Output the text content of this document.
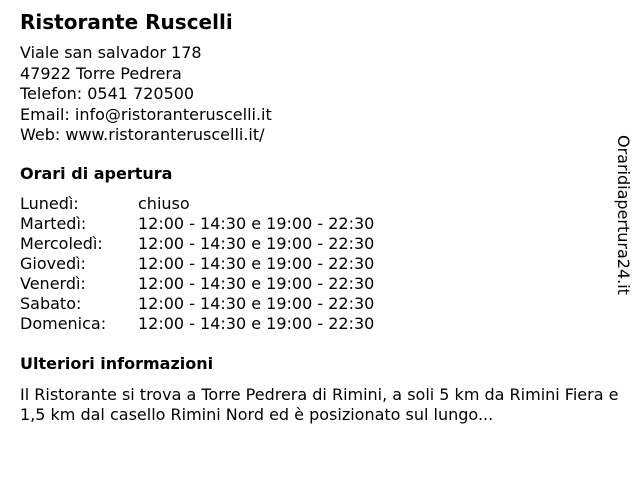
Ristorante Ruscelli
Viale san salvador 178
47922 Torre Pedrera
Telefon: 0541 720500
Email: info@ristoranteruscelli.it
Web: www.ristoranteruscelli.it/
Orari di apertura
Lunedì:	chiuso
Martedì:	12:00 - 14:30 e 19:00 - 22:30
Mercoledì:	12:00 - 14:30 e 19:00 - 22:30
Giovedì:	12:00 - 14:30 e 19:00 - 22:30
Venerdì:	12:00 - 14:30 e 19:00 - 22:30
Sabato:	12:00 - 14:30 e 19:00 - 22:30
Domenica:	12:00 - 14:30 e 19:00 - 22:30
Ulteriori informazioni
Il Ristorante si trova a Torre Pedrera di Rimini, a soli 5 km da Rimini Fiera e 1,5 km dal casello Rimini Nord ed è posizionato sul lungo...
Oraridiapertura24.it
